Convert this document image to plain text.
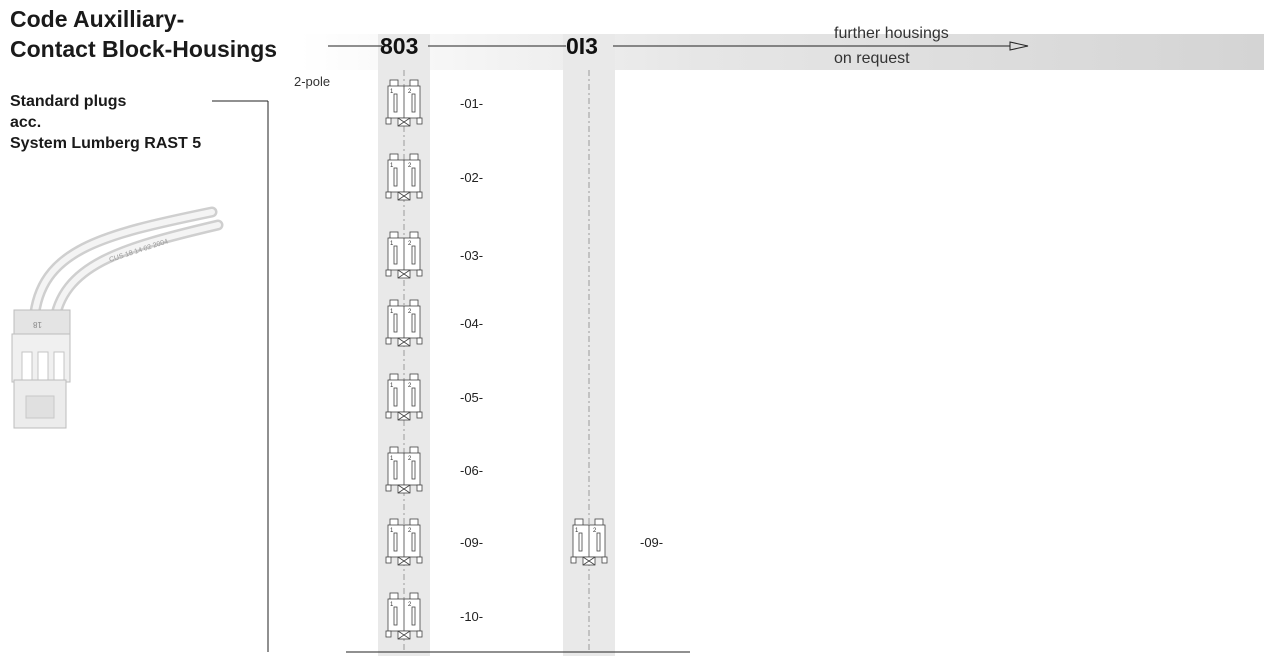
Code Auxilliary-
Contact Block-Housings
18
CUS 18 14 02 2004
803	0I3	further housings
on request
2-pole
Standard plugs
acc.
System Lumberg RAST 5
1 2
-01-
1 2
-02-
1 2
-03-
1 2
-04-
1 2
-05-
1 2
-06-
1 2
-09-
1 2
-10-
1 2
-09-
